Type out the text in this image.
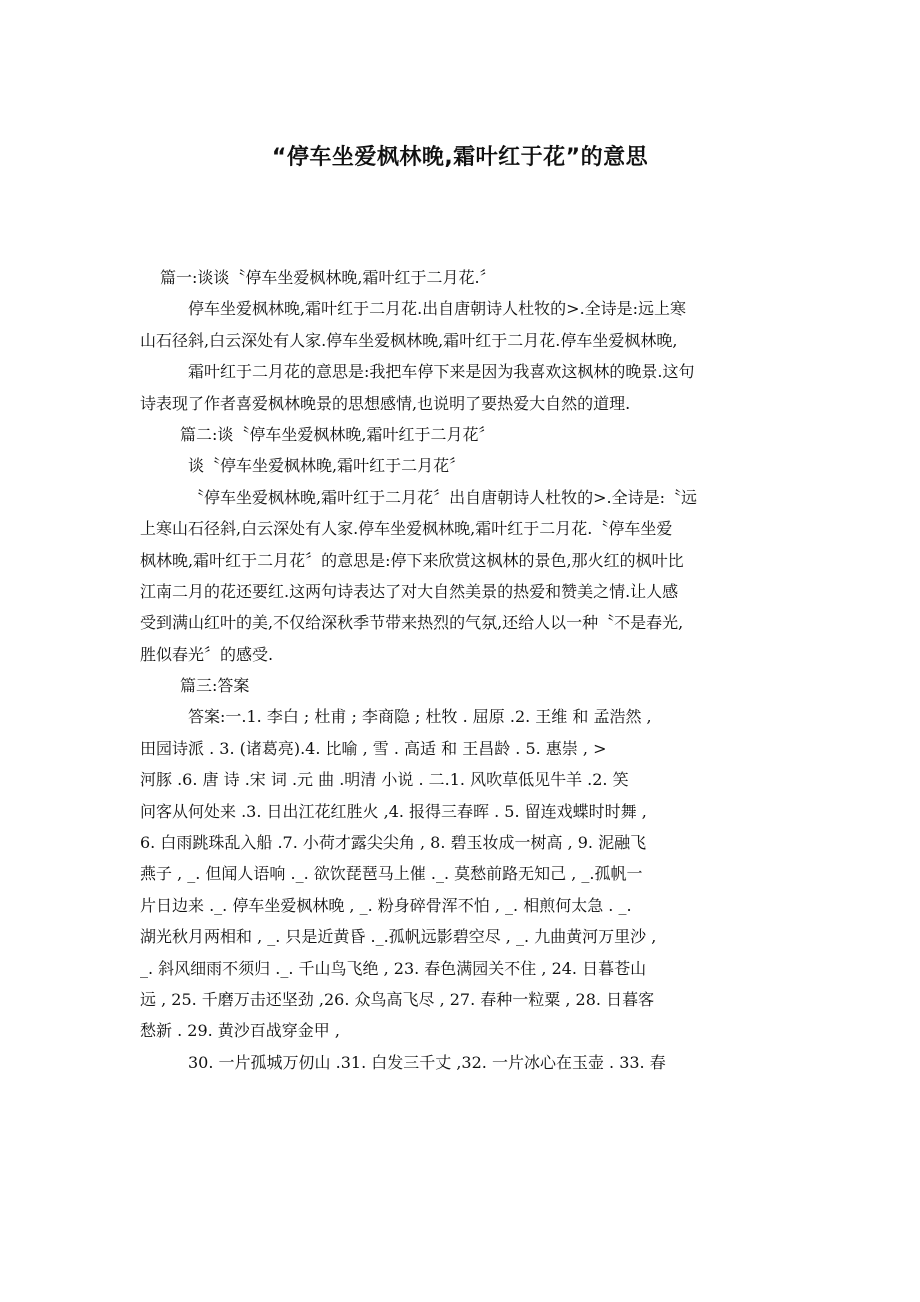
“停车坐爱枫林晚,霜叶红于花”的意思
篇一:谈谈〝停车坐爱枫林晚,霜叶红于二月花.〞
停车坐爱枫林晚,霜叶红于二月花.出自唐朝诗人杜牧的>.全诗是:远上寒
山石径斜,白云深处有人家.停车坐爱枫林晚,霜叶红于二月花.停车坐爱枫林晚,
霜叶红于二月花的意思是:我把车停下来是因为我喜欢这枫林的晚景.这句
诗表现了作者喜爱枫林晚景的思想感情,也说明了要热爱大自然的道理.
篇二:谈〝停车坐爱枫林晚,霜叶红于二月花〞
谈〝停车坐爱枫林晚,霜叶红于二月花〞
〝停车坐爱枫林晚,霜叶红于二月花〞出自唐朝诗人杜牧的>.全诗是:〝远
上寒山石径斜,白云深处有人家.停车坐爱枫林晚,霜叶红于二月花.〝停车坐爱
枫林晚,霜叶红于二月花〞的意思是:停下来欣赏这枫林的景色,那火红的枫叶比
江南二月的花还要红.这两句诗表达了对大自然美景的热爱和赞美之情.让人感
受到满山红叶的美,不仅给深秋季节带来热烈的气氛,还给人以一种〝不是春光,
胜似春光〞的感受.
篇三:答案
答案:一.1. 李白 ; 杜甫 ; 李商隐 ; 杜牧 . 屈原 .2. 王维 和 孟浩然 ,
田园诗派 . 3. (诸葛亮).4. 比喻 , 雪 . 高适 和 王昌龄 . 5. 惠崇 , >
河豚 .6. 唐 诗 .宋 词 .元 曲 .明清 小说 . 二.1. 风吹草低见牛羊 .2. 笑
问客从何处来 .3. 日出江花红胜火 ,4. 报得三春晖 . 5. 留连戏蝶时时舞 ,
6. 白雨跳珠乱入船 .7. 小荷才露尖尖角 , 8. 碧玉妆成一树高 , 9. 泥融飞
燕子 , _. 但闻人语响 ._. 欲饮琵琶马上催 ._. 莫愁前路无知己 , _.孤帆一
片日边来 ._. 停车坐爱枫林晚 , _. 粉身碎骨浑不怕 , _. 相煎何太急 . _.
湖光秋月两相和 , _. 只是近黄昏 ._.孤帆远影碧空尽 , _. 九曲黄河万里沙 ,
_. 斜风细雨不须归 ._. 千山鸟飞绝 , 23. 春色满园关不住 , 24. 日暮苍山
远 , 25. 千磨万击还坚劲 ,26. 众鸟高飞尽 , 27. 春种一粒粟 , 28. 日暮客
愁新 . 29. 黄沙百战穿金甲 ,
30. 一片孤城万仞山 .31. 白发三千丈 ,32. 一片冰心在玉壶 . 33. 春
